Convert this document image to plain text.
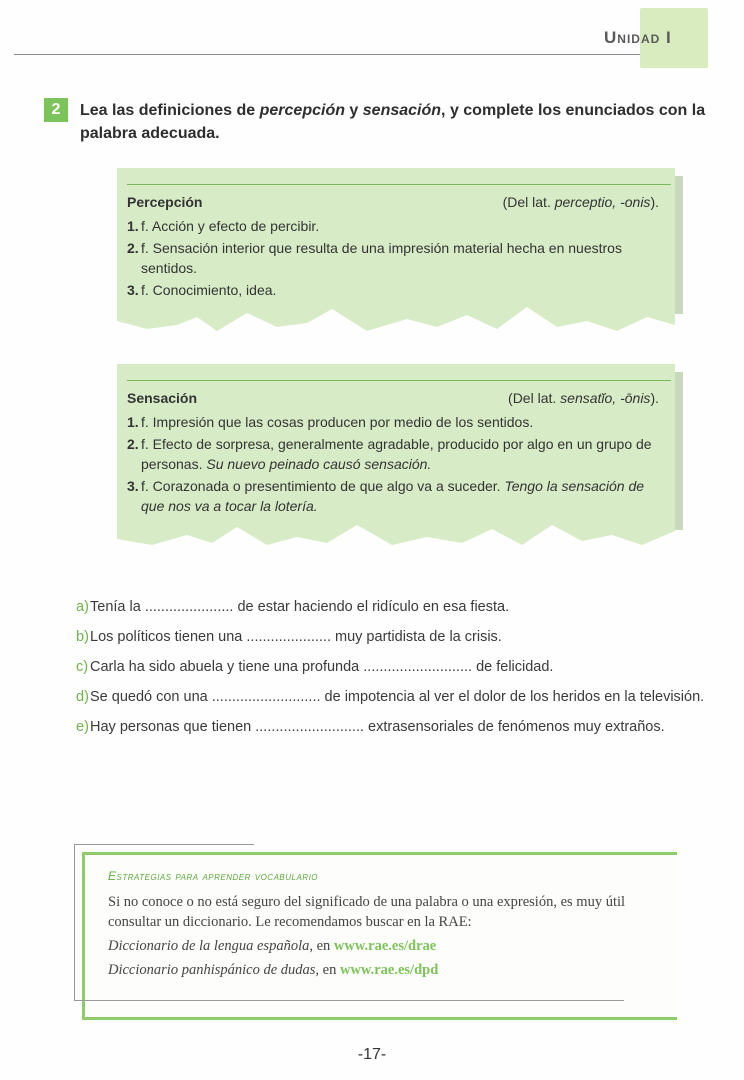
Unidad I
2	Lea las definiciones de percepción y sensación, y complete los enunciados con la palabra adecuada.
Percepción	(Del lat. perceptio, -onis).
1. f. Acción y efecto de percibir.
2. f. Sensación interior que resulta de una impresión material hecha en nuestros sentidos.
3. f. Conocimiento, idea.
Sensación	(Del lat. sensatĭo, -ōnis).
1. f. Impresión que las cosas producen por medio de los sentidos.
2. f. Efecto de sorpresa, generalmente agradable, producido por algo en un grupo de personas. Su nuevo peinado causó sensación.
3. f. Corazonada o presentimiento de que algo va a suceder. Tengo la sensación de que nos va a tocar la lotería.
a) Tenía la ...................... de estar haciendo el ridículo en esa fiesta.
b) Los políticos tienen una ..................... muy partidista de la crisis.
c) Carla ha sido abuela y tiene una profunda ........................... de felicidad.
d) Se quedó con una ........................... de impotencia al ver el dolor de los heridos en la televisión.
e) Hay personas que tienen ........................... extrasensoriales de fenómenos muy extraños.
Estrategias para aprender vocabulario
Si no conoce o no está seguro del significado de una palabra o una expresión, es muy útil consultar un diccionario. Le recomendamos buscar en la RAE:
Diccionario de la lengua española, en www.rae.es/drae
Diccionario panhispánico de dudas, en www.rae.es/dpd
-17-
